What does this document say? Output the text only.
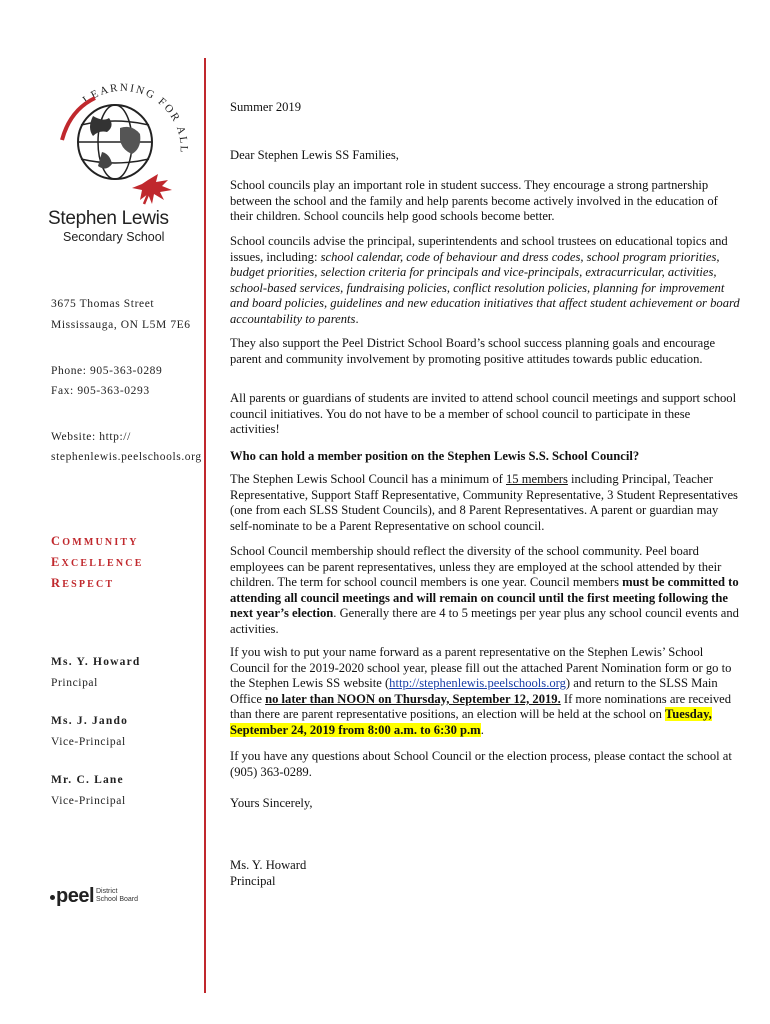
LEARNING FOR ALL
Stephen Lewis
Secondary School
3675 Thomas Street
Mississauga, ON L5M 7E6
Phone: 905-363-0289
Fax: 905-363-0293
Website: http://
stephenlewis.peelschools.org
COMMUNITY
EXCELLENCE
RESPECT
Ms. Y. Howard
Principal
Ms. J. Jando
Vice-Principal
Mr. C. Lane
Vice-Principal
peel District
School Board
Summer 2019
Dear Stephen Lewis SS Families,

School councils play an important role in student success. They encourage a strong partnership between the school and the family and help parents become actively involved in the education of their children. School councils help good schools become better.

School councils advise the principal, superintendents and school trustees on educational topics and issues, including: school calendar, code of behaviour and dress codes, school program priorities, budget priorities, selection criteria for principals and vice-principals, extracurricular, activities, school-based services, fundraising policies, conflict resolution policies, planning for improvement and board policies, guidelines and new education initiatives that affect student achievement or board accountability to parents.

They also support the Peel District School Board’s school success planning goals and encourage parent and community involvement by promoting positive attitudes towards public education.

All parents or guardians of students are invited to attend school council meetings and support school council initiatives. You do not have to be a member of school council to participate in these activities!

Who can hold a member position on the Stephen Lewis S.S. School Council?

The Stephen Lewis School Council has a minimum of 15 members including Principal, Teacher Representative, Support Staff Representative, Community Representative, 3 Student Representatives (one from each SLSS Student Councils), and 8 Parent Representatives. A parent or guardian may self-nominate to be a Parent Representative on school council.

School Council membership should reflect the diversity of the school community. Peel board employees can be parent representatives, unless they are employed at the school attended by their children. The term for school council members is one year. Council members must be committed to attending all council meetings and will remain on council until the first meeting following the next year’s election. Generally there are 4 to 5 meetings per year plus any school council events and activities.

If you wish to put your name forward as a parent representative on the Stephen Lewis’ School Council for the 2019-2020 school year, please fill out the attached Parent Nomination form or go to the Stephen Lewis SS website (http://stephenlewis.peelschools.org) and return to the SLSS Main Office no later than NOON on Thursday, September 12, 2019. If more nominations are received than there are parent representative positions, an election will be held at the school on Tuesday, September 24, 2019 from 8:00 a.m. to 6:30 p.m.

If you have any questions about School Council or the election process, please contact the school at (905) 363-0289.

Yours Sincerely,
Ms. Y. Howard
Principal
